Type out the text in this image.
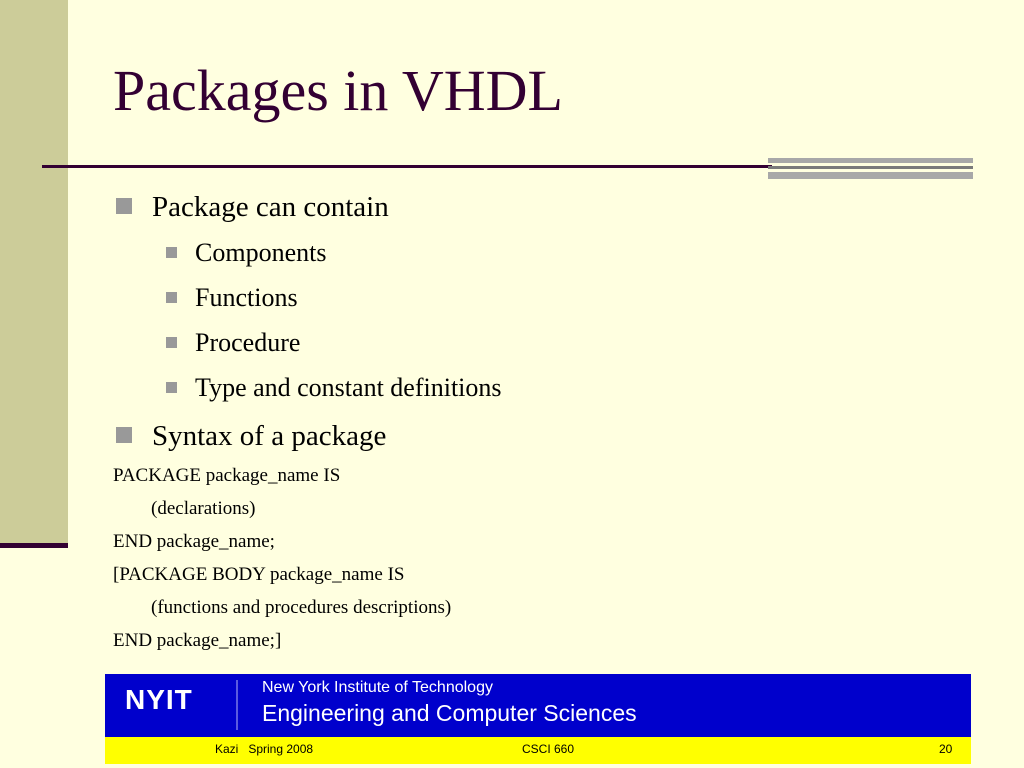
Packages in VHDL
Package can contain
Components
Functions
Procedure
Type and constant definitions
Syntax of a package
PACKAGE package_name IS
(declarations)
END package_name;
[PACKAGE BODY package_name IS
(functions and procedures descriptions)
END package_name;]
NYIT	New York Institute of Technology
Engineering and Computer Sciences
Kazi   Spring 2008	CSCI 660	20
